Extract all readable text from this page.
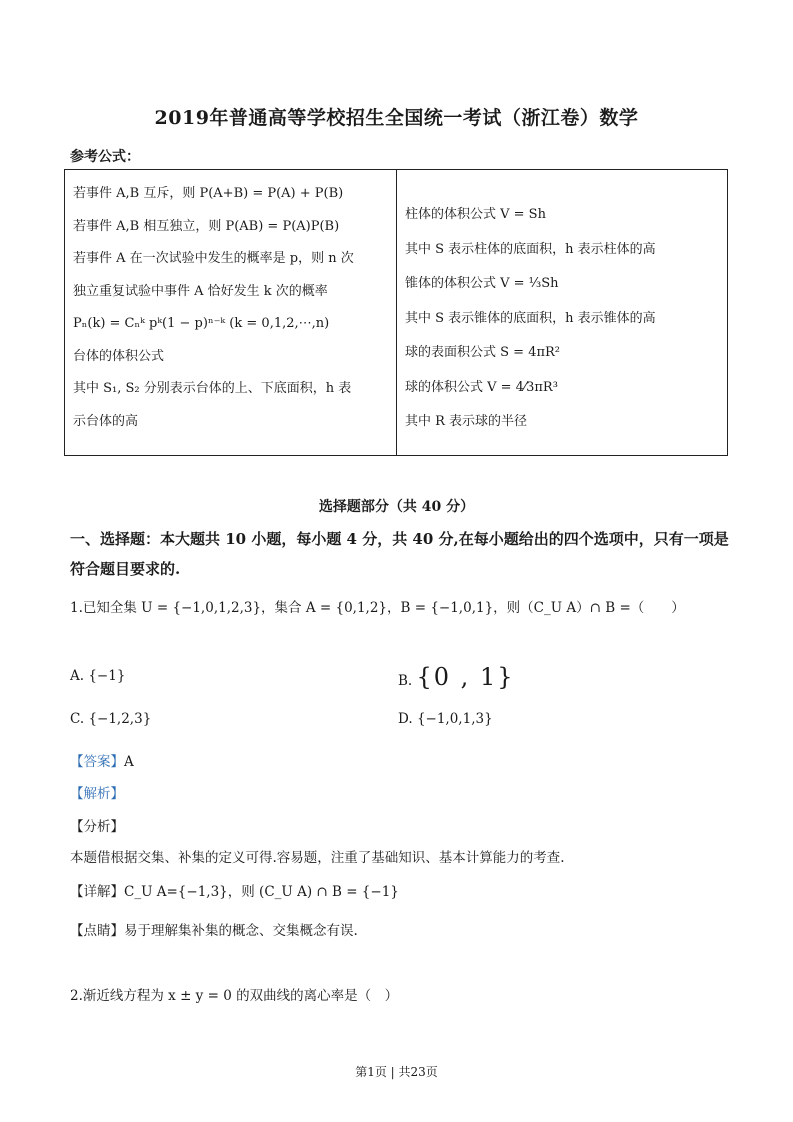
2019年普通高等学校招生全国统一考试（浙江卷）数学
参考公式：
若事件 A,B 互斥，则 P(A+B) = P(A) + P(B)
若事件 A,B 相互独立，则 P(AB) = P(A)P(B)
若事件 A 在一次试验中发生的概率是 p，则 n 次
独立重复试验中事件 A 恰好发生 k 次的概率
Pₙ(k) = Cₙᵏ pᵏ(1 − p)ⁿ⁻ᵏ (k = 0,1,2,⋯,n)
台体的体积公式
其中 S₁, S₂ 分别表示台体的上、下底面积，h 表
示台体的高
柱体的体积公式 V = Sh
其中 S 表示柱体的底面积，h 表示柱体的高
锥体的体积公式 V = ⅓Sh
其中 S 表示锥体的底面积，h 表示锥体的高
球的表面积公式 S = 4πR²
球的体积公式 V = 4⁄3πR³
其中 R 表示球的半径
选择题部分（共 40 分）
一、选择题：本大题共 10 小题，每小题 4 分，共 40 分,在每小题给出的四个选项中，只有一项是符合题目要求的.
1.已知全集 U = {−1,0,1,2,3}，集合 A = {0,1,2}，B = {−1,0,1}，则（C_U A）∩ B =（　　）
A. {−1}	B. {0 , 1}
C. {−1,2,3}	D. {−1,0,1,3}
【答案】A
【解析】
【分析】
本题借根据交集、补集的定义可得.容易题，注重了基础知识、基本计算能力的考查.
【详解】C_U A={−1,3}，则 (C_U A) ∩ B = {−1}
【点睛】易于理解集补集的概念、交集概念有误.
2.渐近线方程为 x ± y = 0 的双曲线的离心率是（　）
第1页 | 共23页
